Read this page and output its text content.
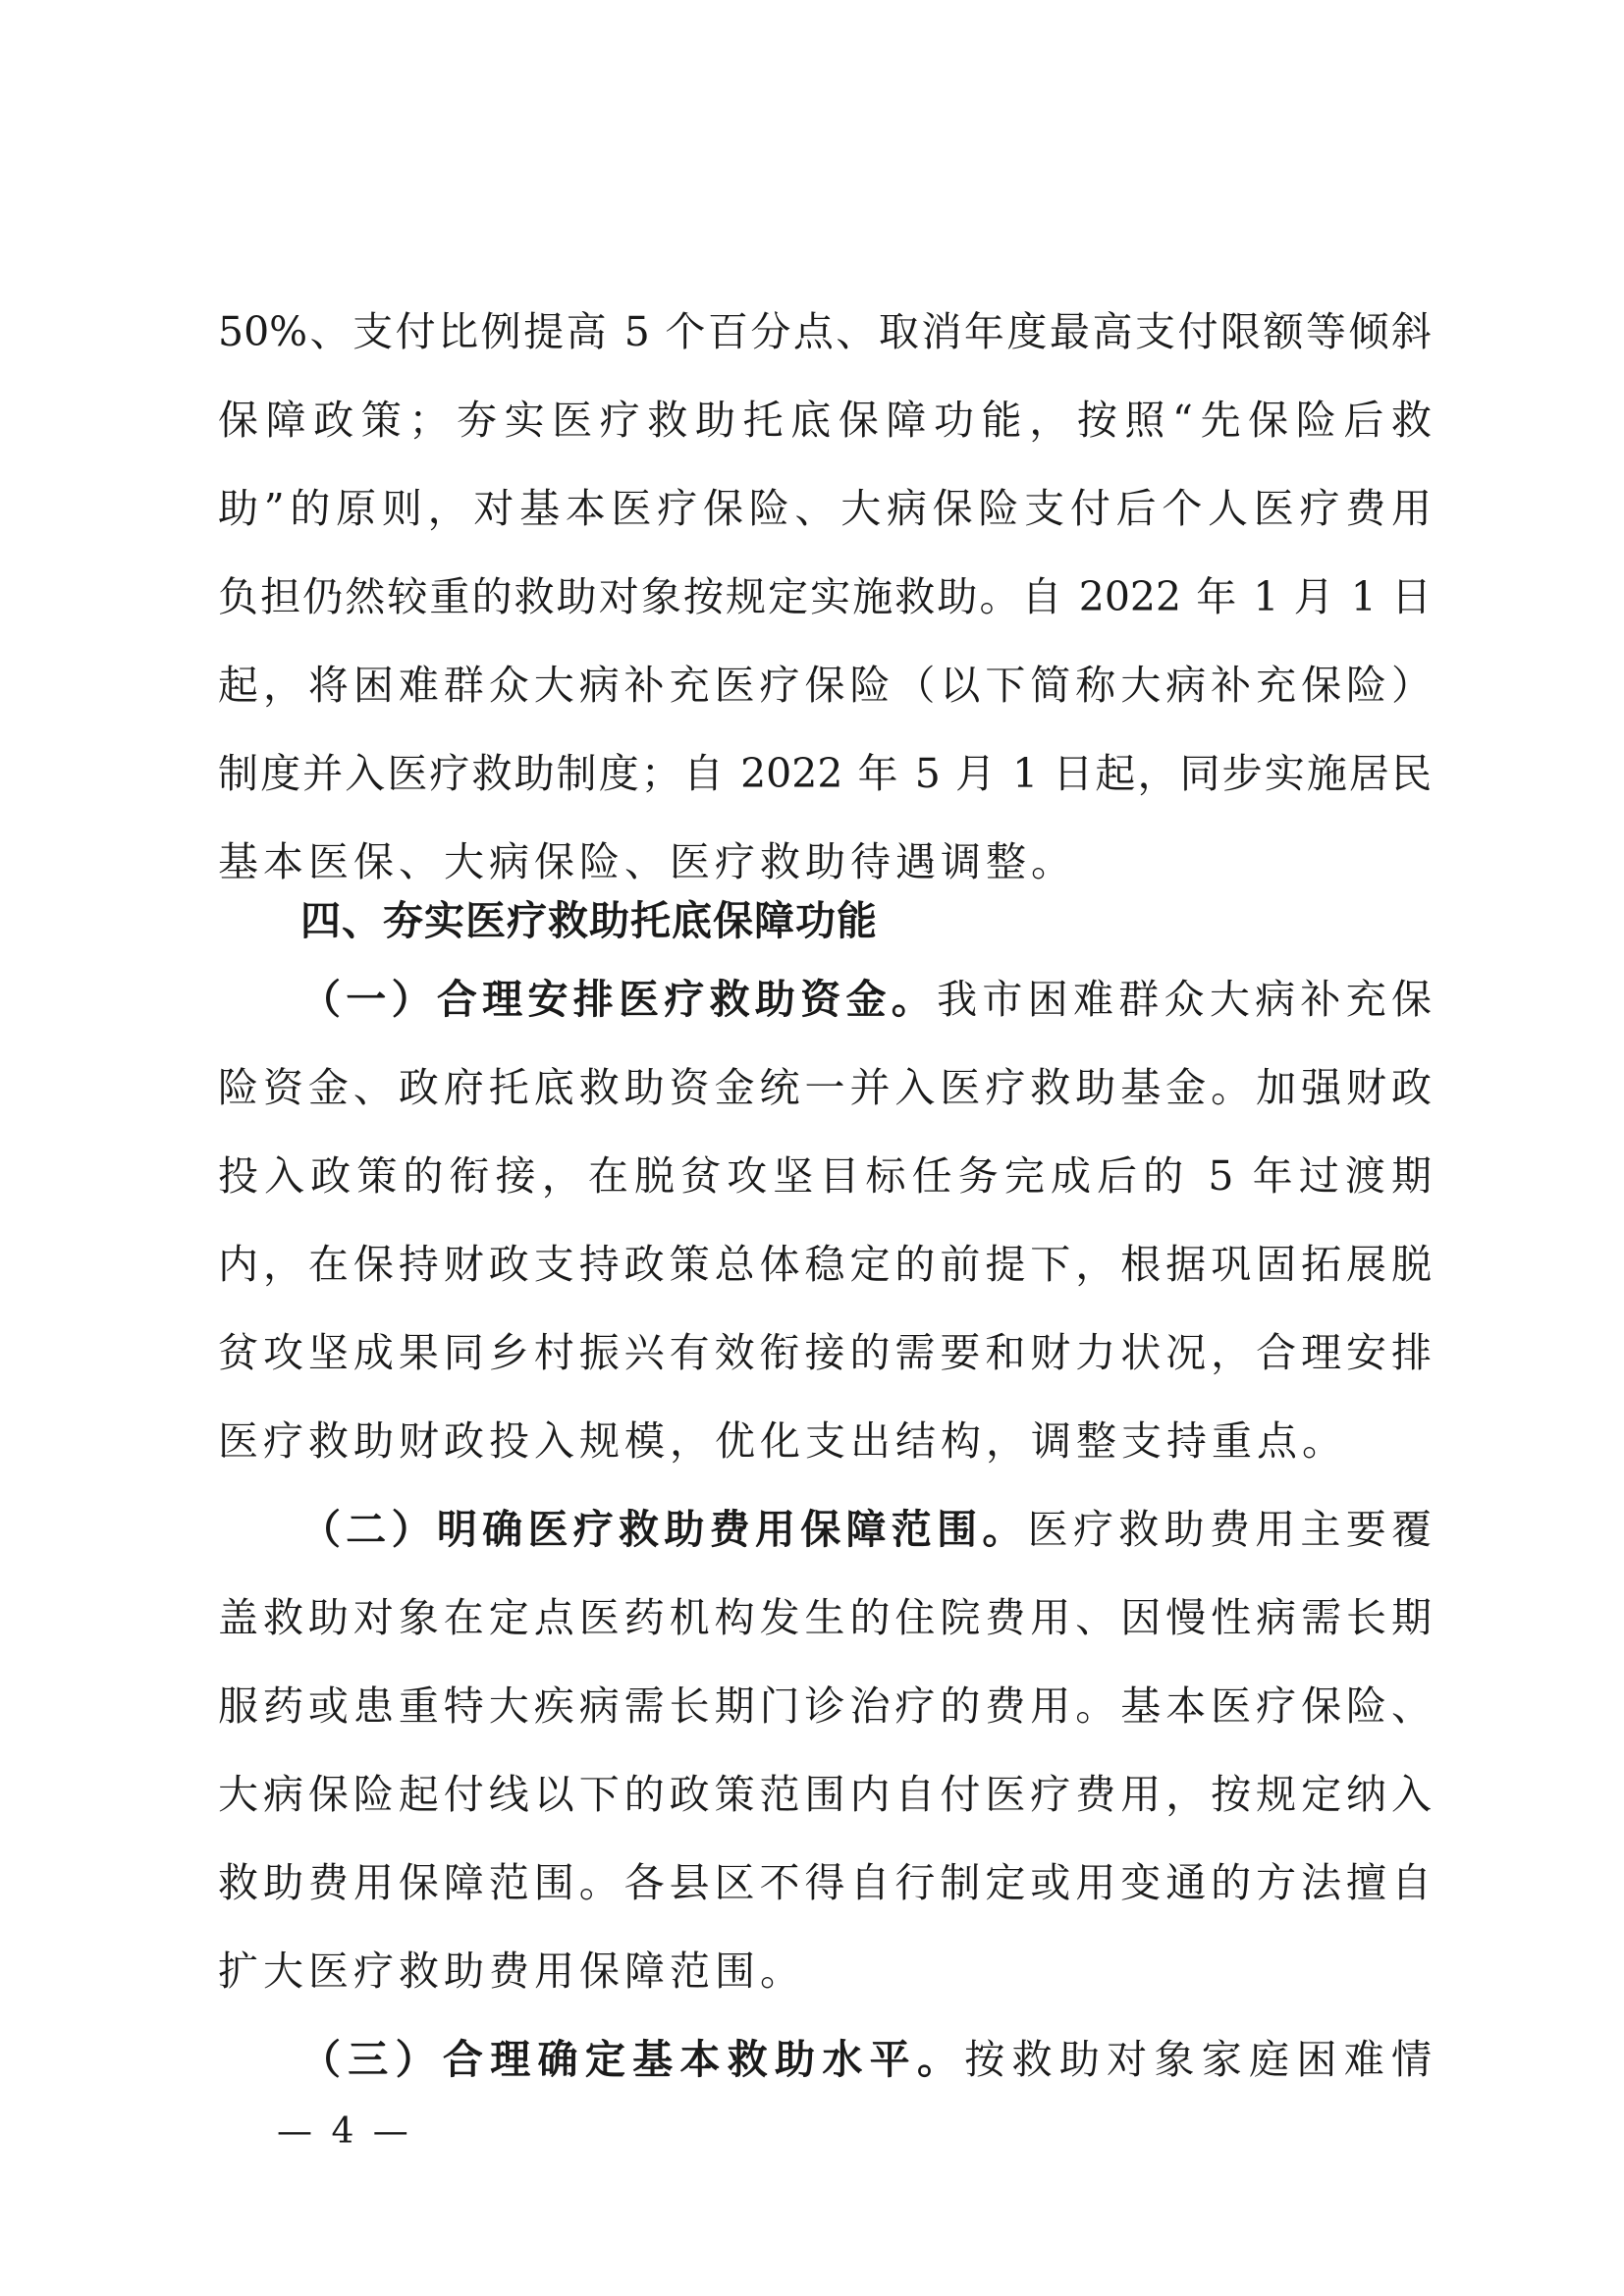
50%、支付比例提高 5 个百分点、取消年度最高支付限额等倾斜
保障政策；夯实医疗救助托底保障功能，按照“先保险后救
助”的原则，对基本医疗保险、大病保险支付后个人医疗费用
负担仍然较重的救助对象按规定实施救助。自 2022 年 1 月 1 日
起，将困难群众大病补充医疗保险（以下简称大病补充保险）
制度并入医疗救助制度；自 2022 年 5 月 1 日起，同步实施居民
基本医保、大病保险、医疗救助待遇调整。
四、夯实医疗救助托底保障功能
（一）合理安排医疗救助资金。我市困难群众大病补充保
险资金、政府托底救助资金统一并入医疗救助基金。加强财政
投入政策的衔接，在脱贫攻坚目标任务完成后的 5 年过渡期
内，在保持财政支持政策总体稳定的前提下，根据巩固拓展脱
贫攻坚成果同乡村振兴有效衔接的需要和财力状况，合理安排
医疗救助财政投入规模，优化支出结构，调整支持重点。
（二）明确医疗救助费用保障范围。医疗救助费用主要覆
盖救助对象在定点医药机构发生的住院费用、因慢性病需长期
服药或患重特大疾病需长期门诊治疗的费用。基本医疗保险、
大病保险起付线以下的政策范围内自付医疗费用，按规定纳入
救助费用保障范围。各县区不得自行制定或用变通的方法擅自
扩大医疗救助费用保障范围。
（三）合理确定基本救助水平。按救助对象家庭困难情
— 4 —
